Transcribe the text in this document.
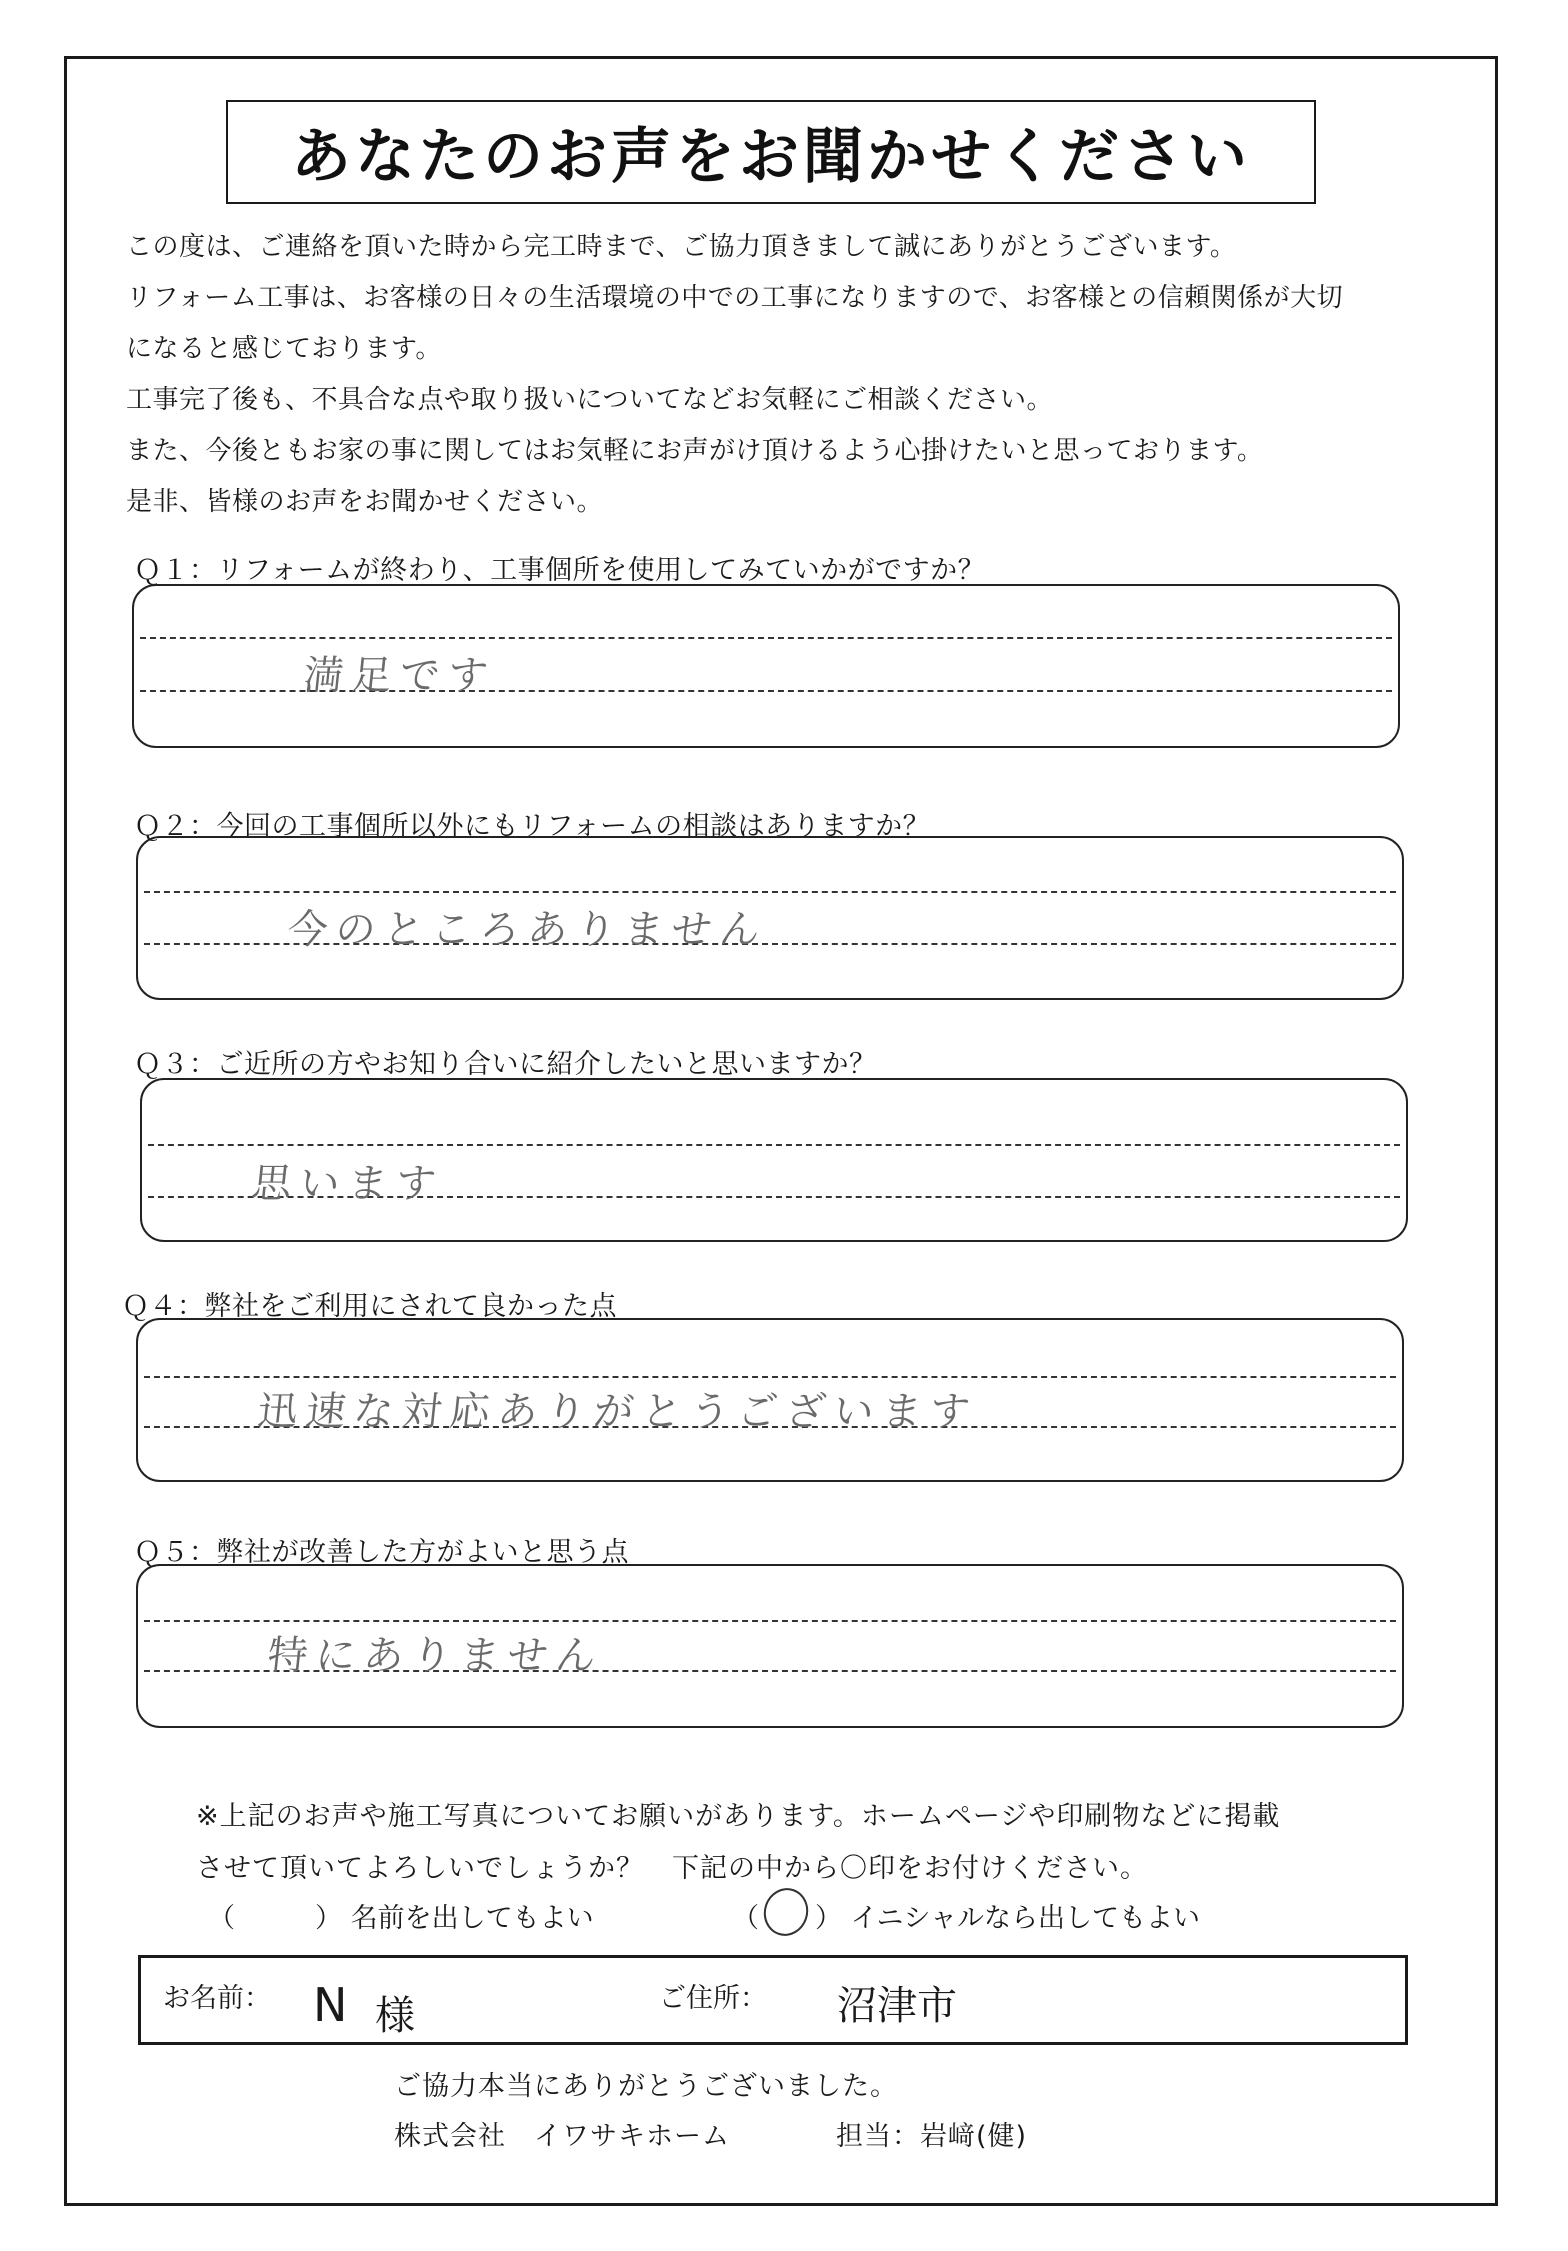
あなたのお声をお聞かせください
この度は、ご連絡を頂いた時から完工時まで、ご協力頂きまして誠にありがとうございます。
リフォーム工事は、お客様の日々の生活環境の中での工事になりますので、お客様との信頼関係が大切
になると感じております。
工事完了後も、不具合な点や取り扱いについてなどお気軽にご相談ください。
また、今後ともお家の事に関してはお気軽にお声がけ頂けるよう心掛けたいと思っております。
是非、皆様のお声をお聞かせください。
Ｑ１：リフォームが終わり、工事個所を使用してみていかがですか？
満足です
Ｑ２：今回の工事個所以外にもリフォームの相談はありますか？
今のところありません
Ｑ３：ご近所の方やお知り合いに紹介したいと思いますか？
思います
Ｑ４：弊社をご利用にされて良かった点
迅速な対応ありがとうございます
Ｑ５：弊社が改善した方がよいと思う点
特にありません
※上記のお声や施工写真についてお願いがあります。ホームページや印刷物などに掲載
させて頂いてよろしいでしょうか？　下記の中から〇印をお付けください。
（	） 名前を出してもよい	（ ） イニシャルなら出してもよい
お名前： N 様	ご住所： 沼津市
ご協力本当にありがとうございました。
株式会社　イワサキホーム	担当：岩﨑(健)
